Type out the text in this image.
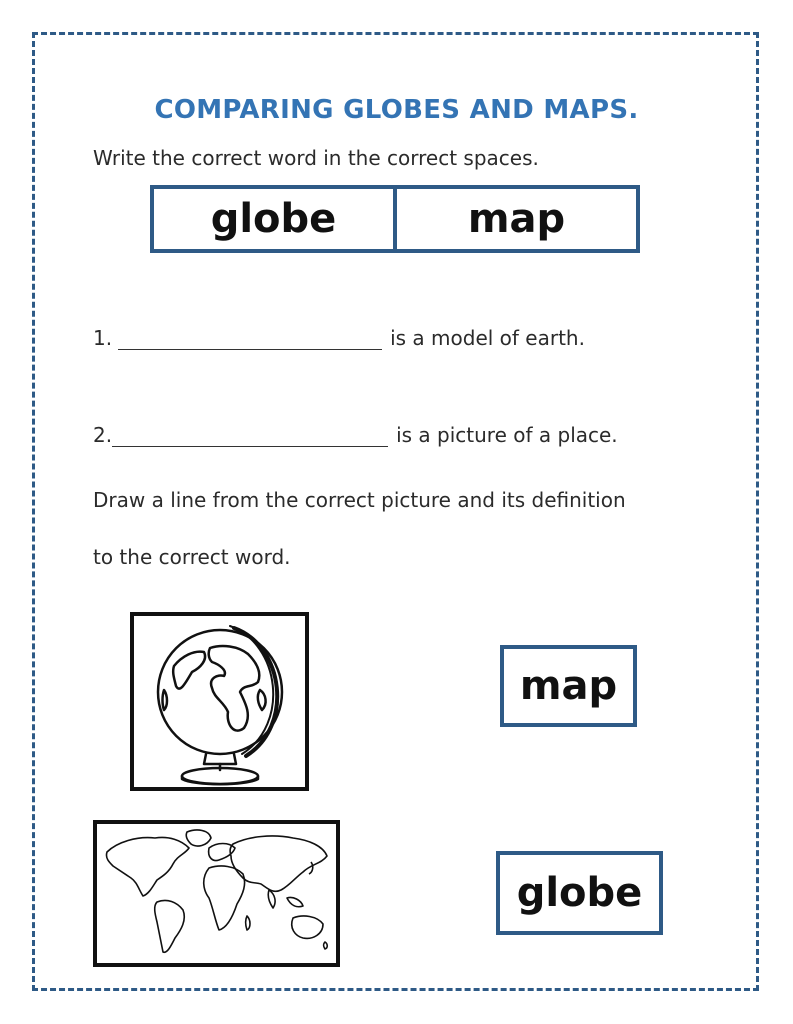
COMPARING GLOBES AND MAPS.
Write the correct word in the correct spaces.
globe	map
1.	is a model of earth.
2.	is a picture of a place.
Draw a line from the correct picture and its definition
to the correct word.
map
globe
